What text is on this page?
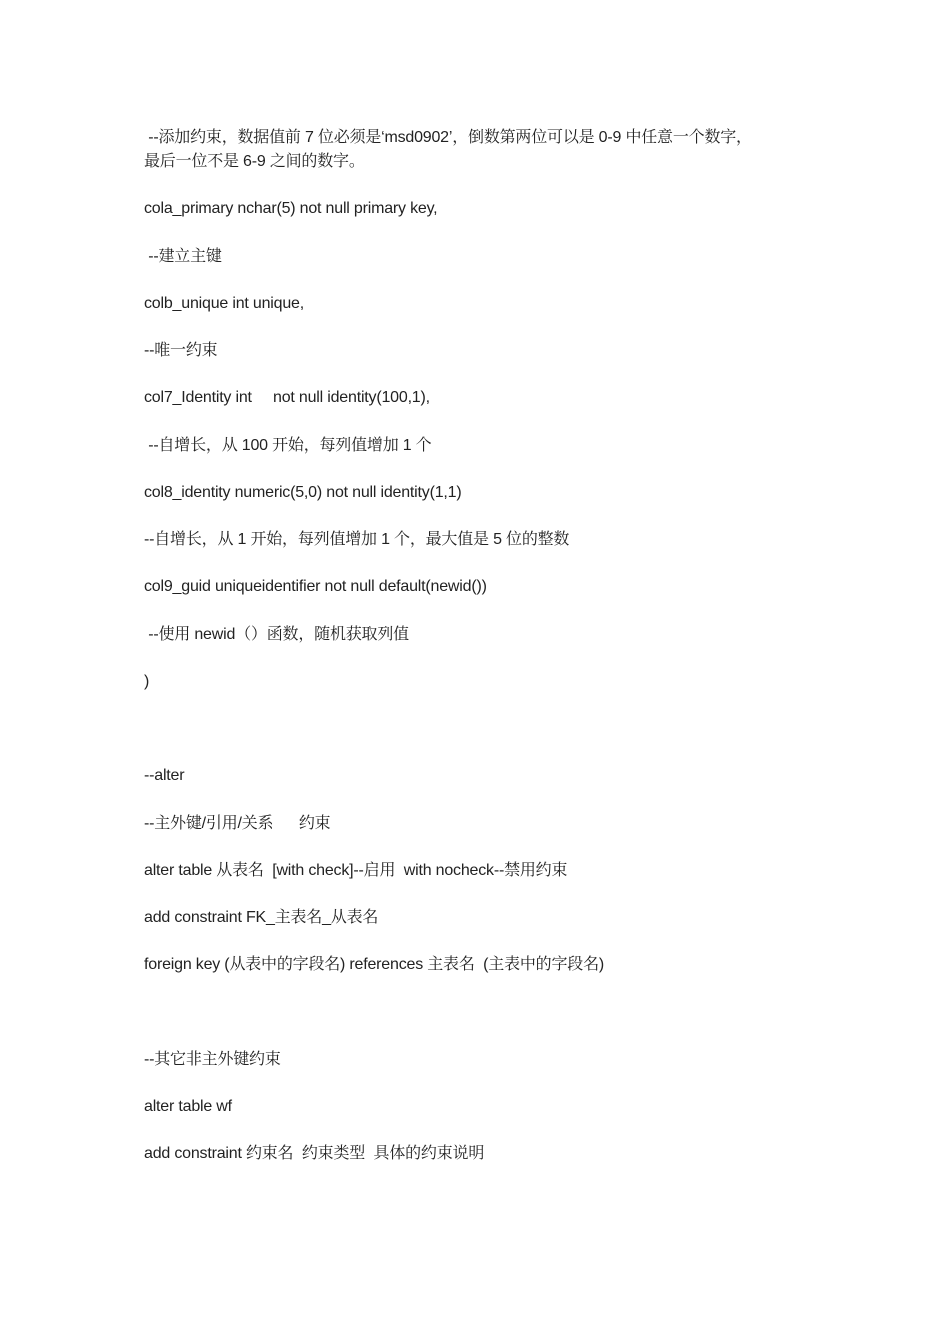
--添加约束，数据值前 7 位必须是‘msd0902’，倒数第两位可以是 0-9 中任意一个数字，
最后一位不是 6-9 之间的数字。
cola_primary nchar(5) not null primary key,
--建立主键
colb_unique int unique,
--唯一约束
col7_Identity int     not null identity(100,1),
--自增长，从 100 开始，每列值增加 1 个
col8_identity numeric(5,0) not null identity(1,1)
--自增长，从 1 开始，每列值增加 1 个，最大值是 5 位的整数
col9_guid uniqueidentifier not null default(newid())
--使用 newid（）函数，随机获取列值
)
--alter
--主外键/引用/关系      约束
alter table 从表名  [with check]--启用  with nocheck--禁用约束
add constraint FK_主表名_从表名
foreign key (从表中的字段名) references 主表名  (主表中的字段名)
--其它非主外键约束
alter table wf
add constraint 约束名  约束类型  具体的约束说明
